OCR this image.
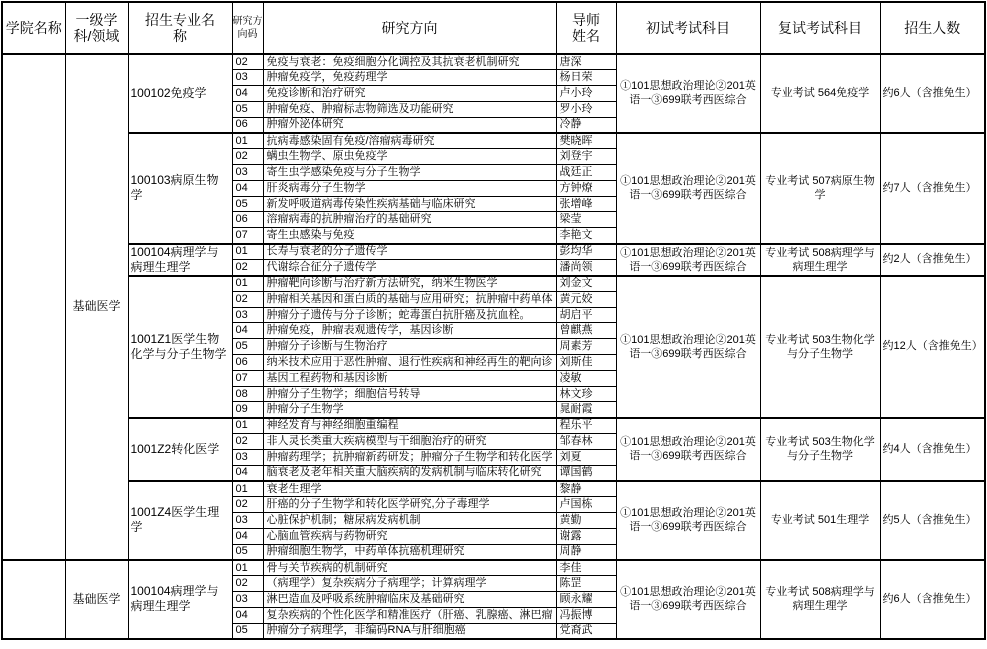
学院名称	一级学科/领域	招生专业名称	研究方向码	研究方向	导师姓名	初试考试科目	复试考试科目	招生人数
	基础医学	100102免疫学	02	免疫与衰老：免疫细胞分化调控及其抗衰老机制研究	唐深	①101思想政治理论②201英语一③699联考西医综合	专业考试 564免疫学	约6人（含推免生）
			03	肿瘤免疫学，免疫药理学	杨日荣			
			04	免疫诊断和治疗研究	卢小玲			
			05	肿瘤免疫、肿瘤标志物筛选及功能研究	罗小玲			
			06	肿瘤外泌体研究	冷静			
		100103病原生物学	01	抗病毒感染固有免疫/溶瘤病毒研究	樊晓晖	①101思想政治理论②201英语一③699联考西医综合	专业考试 507病原生物学	约7人（含推免生）
			02	螨虫生物学、原虫免疫学	刘登宇			
			03	寄生虫学感染免疫与分子生物学	战廷正			
			04	肝炎病毒分子生物学	方钟燎			
			05	新发呼吸道病毒传染性疾病基础与临床研究	张增峰			
			06	溶瘤病毒的抗肿瘤治疗的基础研究	梁莹			
			07	寄生虫感染与免疫	李艳文			
		100104病理学与病理生理学	01	长寿与衰老的分子遗传学	彭均华	①101思想政治理论②201英语一③699联考西医综合	专业考试 508病理学与病理生理学	约2人（含推免生）
			02	代谢综合征分子遗传学	潘尚领			
		1001Z1医学生物化学与分子生物学	01	肿瘤靶向诊断与治疗新方法研究，纳米生物医学	刘金文	①101思想政治理论②201英语一③699联考西医综合	专业考试 503生物化学与分子生物学	约12人（含推免生）
			02	肿瘤相关基因和蛋白质的基础与应用研究；抗肿瘤中药单体	黄元姣			
			03	肿瘤分子遗传与分子诊断；蛇毒蛋白抗肝癌及抗血栓。	胡启平			
			04	肿瘤免疫，肿瘤表观遗传学，基因诊断	曾麒燕			
			05	肿瘤分子诊断与生物治疗	周素芳			
			06	纳米技术应用于恶性肿瘤、退行性疾病和神经再生的靶向诊	刘斯佳			
			07	基因工程药物和基因诊断	凌敏			
			08	肿瘤分子生物学；细胞信号转导	林文珍			
			09	肿瘤分子生物学	晁耐霞			
		1001Z2转化医学	01	神经发育与神经细胞重编程	程乐平	①101思想政治理论②201英语一③699联考西医综合	专业考试 503生物化学与分子生物学	约4人（含推免生）
			02	非人灵长类重大疾病模型与干细胞治疗的研究	邹春林			
			03	肿瘤药理学；抗肿瘤新药研发；肿瘤分子生物学和转化医学	刘夏			
			04	脑衰老及老年相关重大脑疾病的发病机制与临床转化研究	谭国鹤			
		1001Z4医学生理学	01	衰老生理学	黎静	①101思想政治理论②201英语一③699联考西医综合	专业考试 501生理学	约5人（含推免生）
			02	肝癌的分子生物学和转化医学研究,分子毒理学	卢国栋			
			03	心脏保护机制；糖尿病发病机制	黄勤			
			04	心脑血管疾病与药物研究	谢露			
			05	肿瘤细胞生物学，中药单体抗癌机理研究	周静			
	基础医学	100104病理学与病理生理学	01	骨与关节疾病的机制研究	李佳	①101思想政治理论②201英语一③699联考西医综合	专业考试 508病理学与病理生理学	约6人（含推免生）
			02	（病理学）复杂疾病分子病理学；计算病理学	陈罡			
			03	淋巴造血及呼吸系统肿瘤临床及基础研究	顾永耀			
			04	复杂疾病的个性化医学和精准医疗（肝癌、乳腺癌、淋巴瘤	冯振博			
			05	肿瘤分子病理学，非编码RNA与肝细胞癌	党裔武			
